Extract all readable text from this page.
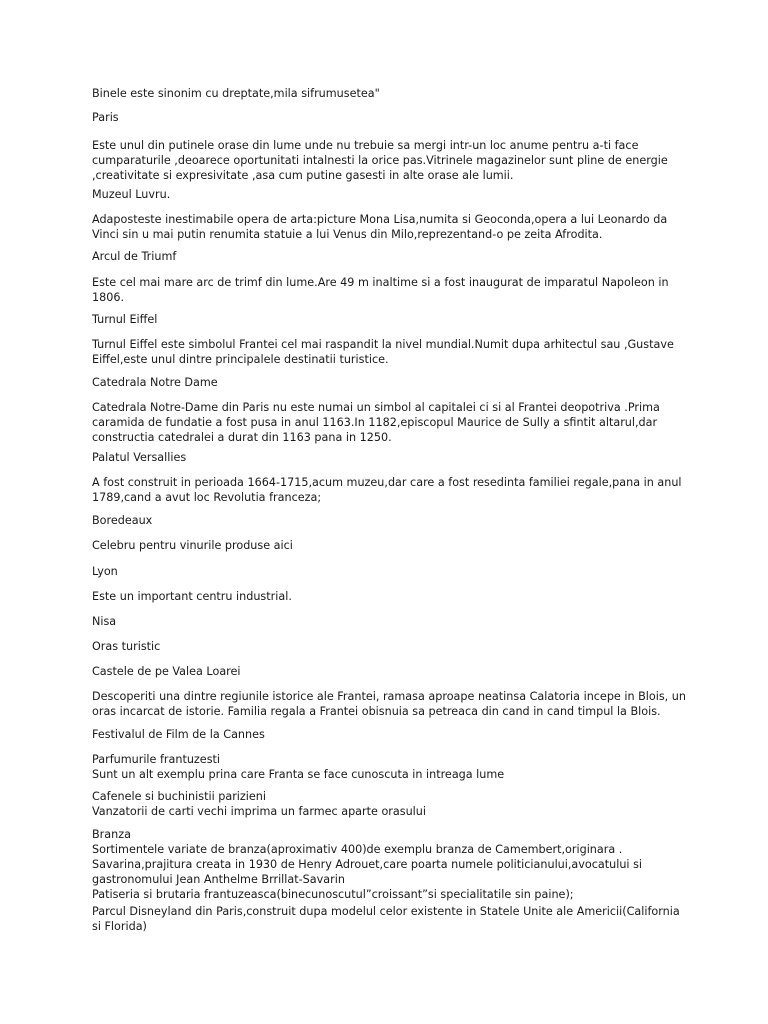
Binele este sinonim cu dreptate,mila sifrumusetea"

Paris

Este unul din putinele orase din lume unde nu trebuie sa mergi intr-un loc anume pentru a-ti face
cumparaturile ,deoarece oportunitati intalnesti la orice pas.Vitrinele magazinelor sunt pline de energie
,creativitate si expresivitate ,asa cum putine gasesti in alte orase ale lumii.

Muzeul Luvru.

Adaposteste inestimabile opera de arta:picture Mona Lisa,numita si Geoconda,opera a lui Leonardo da
Vinci sin u mai putin renumita statuie a lui Venus din Milo,reprezentand-o pe zeita Afrodita.

Arcul de Triumf

Este cel mai mare arc de trimf din lume.Are 49 m inaltime si a fost inaugurat de imparatul Napoleon in
1806.

Turnul Eiffel

Turnul Eiffel este simbolul Frantei cel mai raspandit la nivel mundial.Numit dupa arhitectul sau ,Gustave
Eiffel,este unul dintre principalele destinatii turistice.

Catedrala Notre Dame

Catedrala Notre-Dame din Paris nu este numai un simbol al capitalei ci si al Frantei deopotriva .Prima
caramida de fundatie a fost pusa in anul 1163.In 1182,episcopul Maurice de Sully a sfintit altarul,dar
constructia catedralei a durat din 1163 pana in 1250.

Palatul Versallies

A fost construit in perioada 1664-1715,acum muzeu,dar care a fost resedinta familiei regale,pana in anul
1789,cand a avut loc Revolutia franceza;

Boredeaux

Celebru pentru vinurile produse aici

Lyon

Este un important centru industrial.

Nisa

Oras turistic

Castele de pe Valea Loarei

Descoperiti una dintre regiunile istorice ale Frantei, ramasa aproape neatinsa Calatoria incepe in Blois, un
oras incarcat de istorie. Familia regala a Frantei obisnuia sa petreaca din cand in cand timpul la Blois.

Festivalul de Film de la Cannes

Parfumurile frantuzesti
Sunt un alt exemplu prina care Franta se face cunoscuta in intreaga lume

Cafenele si buchinistii parizieni
Vanzatorii de carti vechi imprima un farmec aparte orasului

Branza
Sortimentele variate de branza(aproximativ 400)de exemplu branza de Camembert,originara .
Savarina,prajitura creata in 1930 de Henry Adrouet,care poarta numele politicianului,avocatului si
gastronomului Jean Anthelme Brrillat-Savarin
Patiseria si brutaria frantuzeasca(binecunoscutul”croissant”si specialitatile sin paine);

Parcul Disneyland din Paris,construit dupa modelul celor existente in Statele Unite ale Americii(California
si Florida)
